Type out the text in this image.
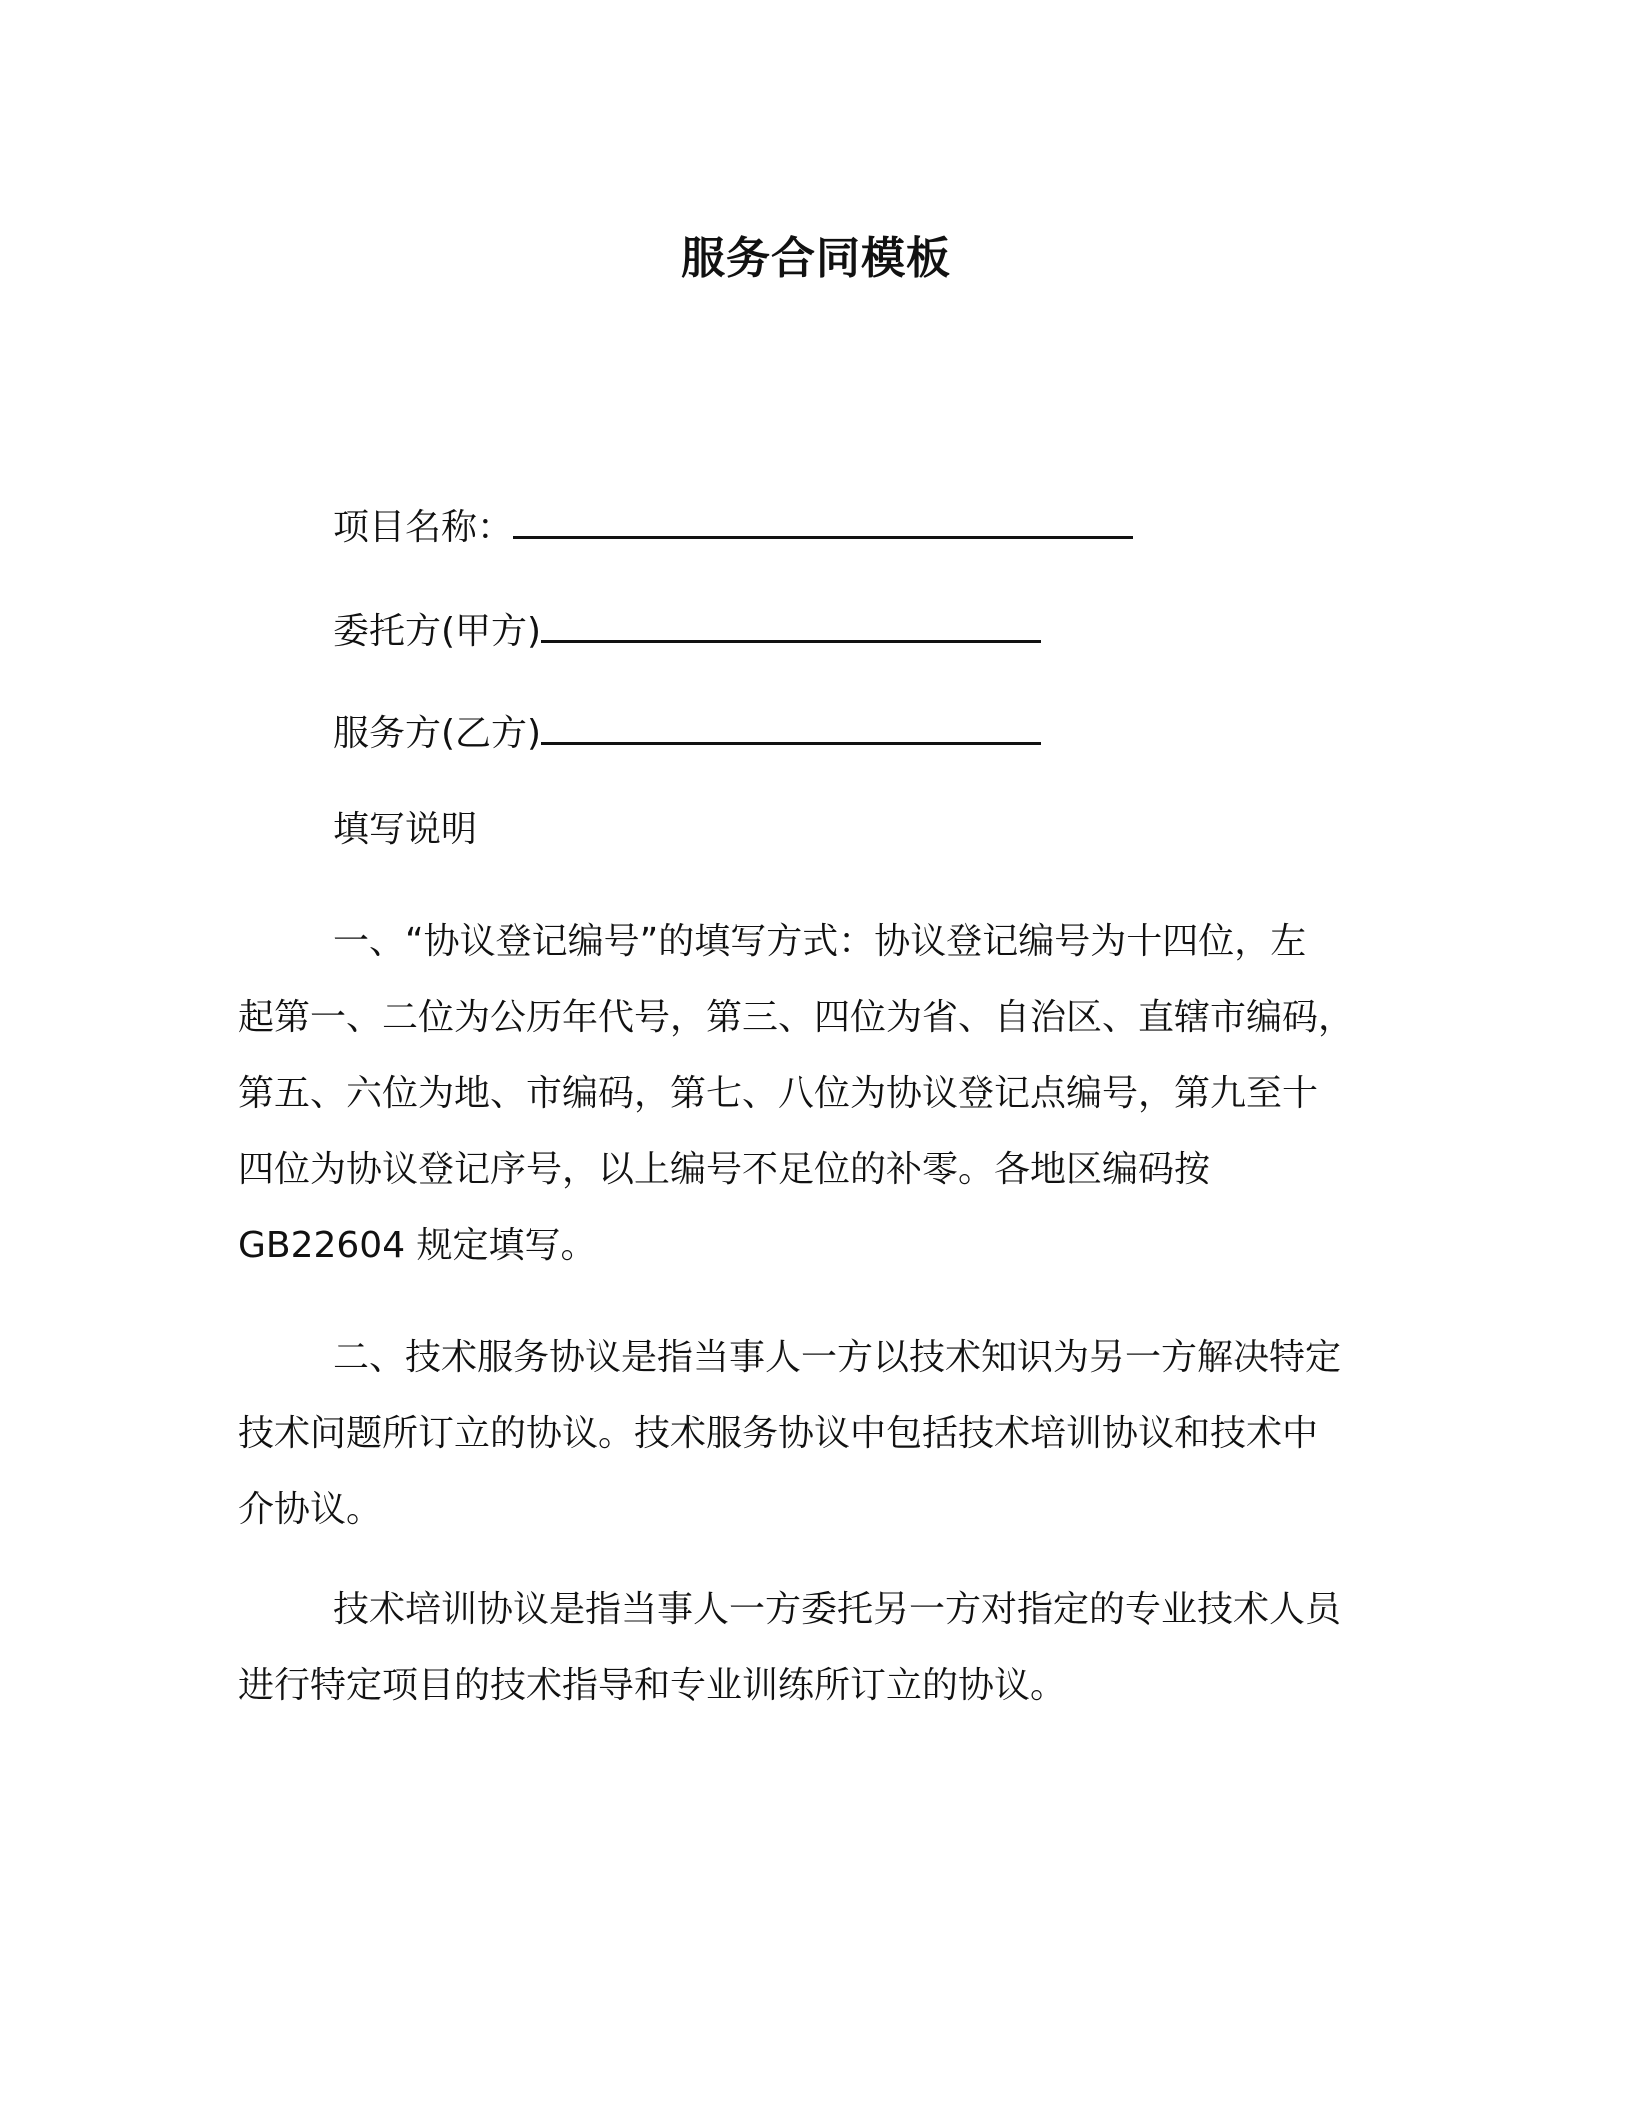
服务合同模板
项目名称：
委托方(甲方)
服务方(乙方)
填写说明

一、“协议登记编号”的填写方式：协议登记编号为十四位，左
起第一、二位为公历年代号，第三、四位为省、自治区、直辖市编码，
第五、六位为地、市编码，第七、八位为协议登记点编号，第九至十
四位为协议登记序号，以上编号不足位的补零。各地区编码按
GB22604 规定填写。

二、技术服务协议是指当事人一方以技术知识为另一方解决特定
技术问题所订立的协议。技术服务协议中包括技术培训协议和技术中
介协议。

技术培训协议是指当事人一方委托另一方对指定的专业技术人员
进行特定项目的技术指导和专业训练所订立的协议。
